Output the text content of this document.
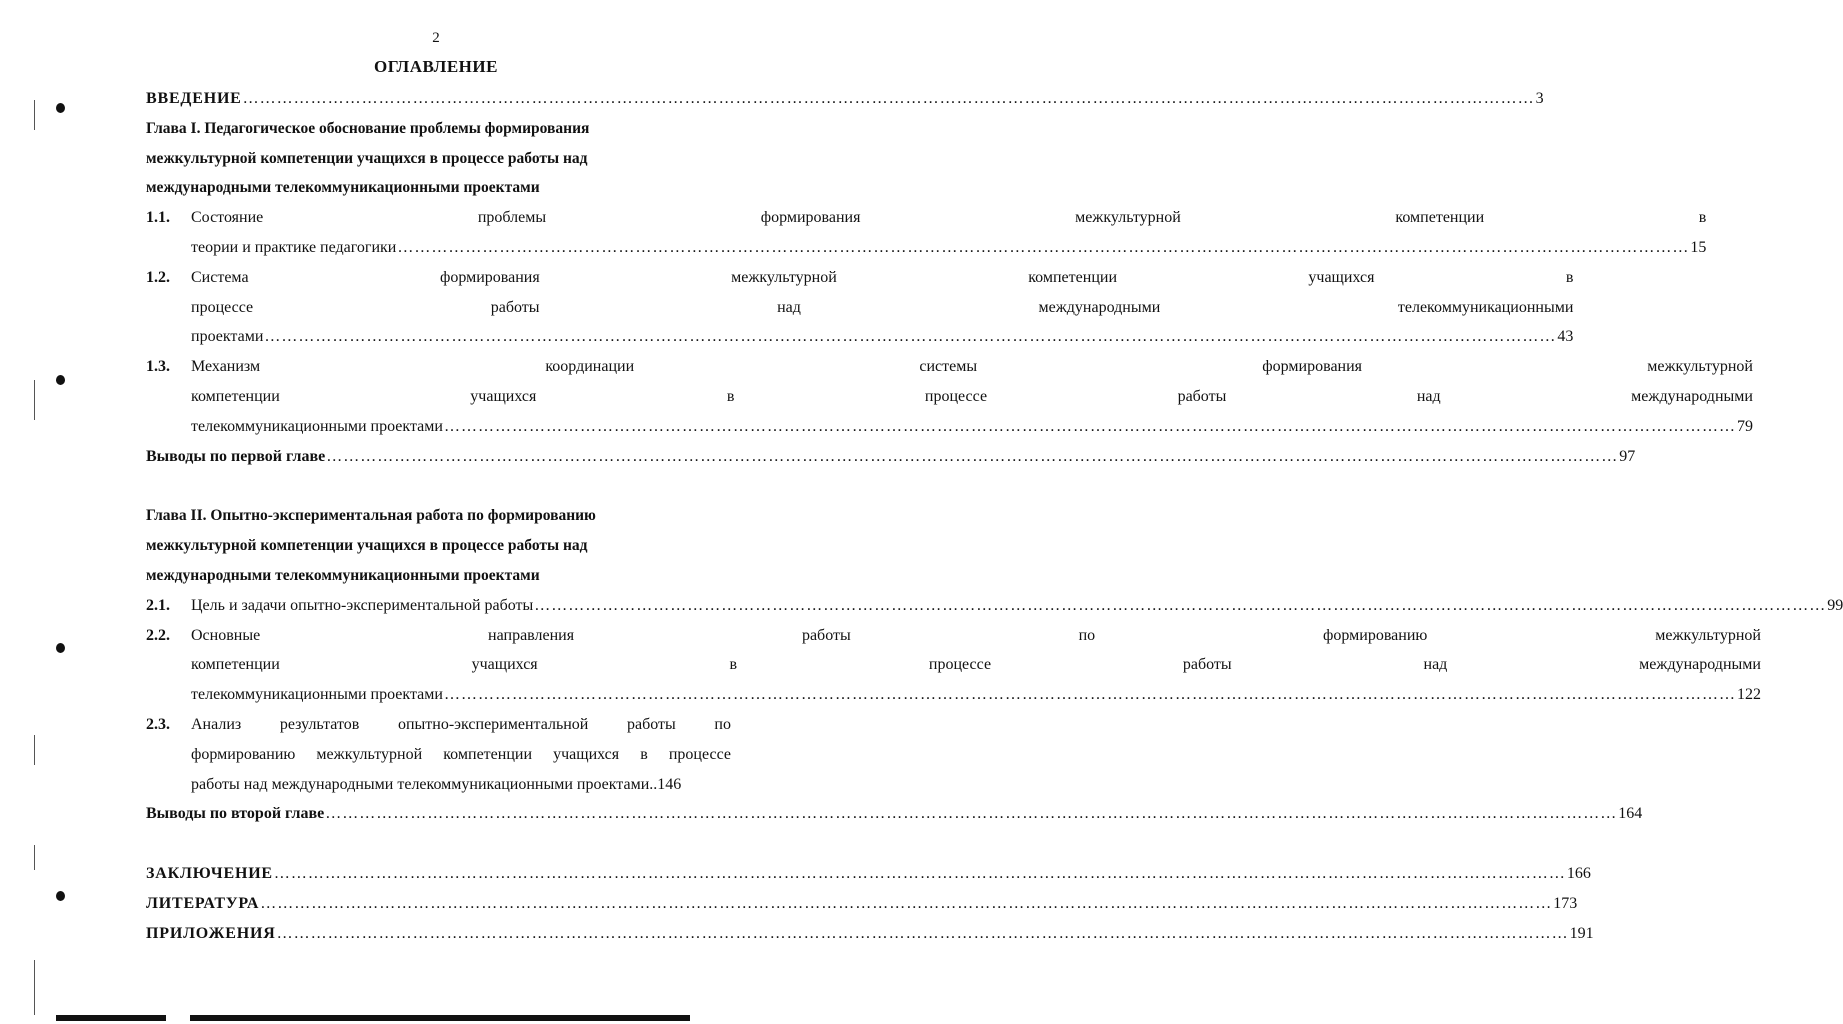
2
ОГЛАВЛЕНИЕ
ВВЕДЕНИЕ …………………………………………………………………………………………………………………………………………………………………………………………………………	3
Глава I. Педагогическое обоснование проблемы формирования
межкультурной компетенции учащихся в процессе работы над
международными телекоммуникационными проектами
1.1.	Состояние проблемы формирования межкультурной компетенции в
теории и практике педагогики …………………………………………………………………………………………………………………………………………………………………………………………………………	15
1.2.	Система формирования межкультурной компетенции учащихся в
процессе работы над международными телекоммуникационными
проектами …………………………………………………………………………………………………………………………………………………………………………………………………………	43
1.3.	Механизм координации системы формирования межкультурной
компетенции учащихся в процессе работы над международными
телекоммуникационными проектами …………………………………………………………………………………………………………………………………………………………………………………………………………	79
Выводы по первой главе …………………………………………………………………………………………………………………………………………………………………………………………………………	97
Глава II. Опытно-экспериментальная работа по формированию
межкультурной компетенции учащихся в процессе работы над
международными телекоммуникационными проектами
2.1.	Цель и задачи опытно-экспериментальной работы …………………………………………………………………………………………………………………………………………………………………………………………………………	99
2.2.	Основные направления работы по формированию межкультурной
компетенции учащихся в процессе работы над международными
телекоммуникационными проектами …………………………………………………………………………………………………………………………………………………………………………………………………………	122
2.3.	Анализ результатов опытно-экспериментальной работы по
формированию межкультурной компетенции учащихся в процессе
работы над международными телекоммуникационными проектами.. 146
Выводы по второй главе …………………………………………………………………………………………………………………………………………………………………………………………………………	164
ЗАКЛЮЧЕНИЕ …………………………………………………………………………………………………………………………………………………………………………………………………………	166
ЛИТЕРАТУРА …………………………………………………………………………………………………………………………………………………………………………………………………………	173
ПРИЛОЖЕНИЯ …………………………………………………………………………………………………………………………………………………………………………………………………………	191
